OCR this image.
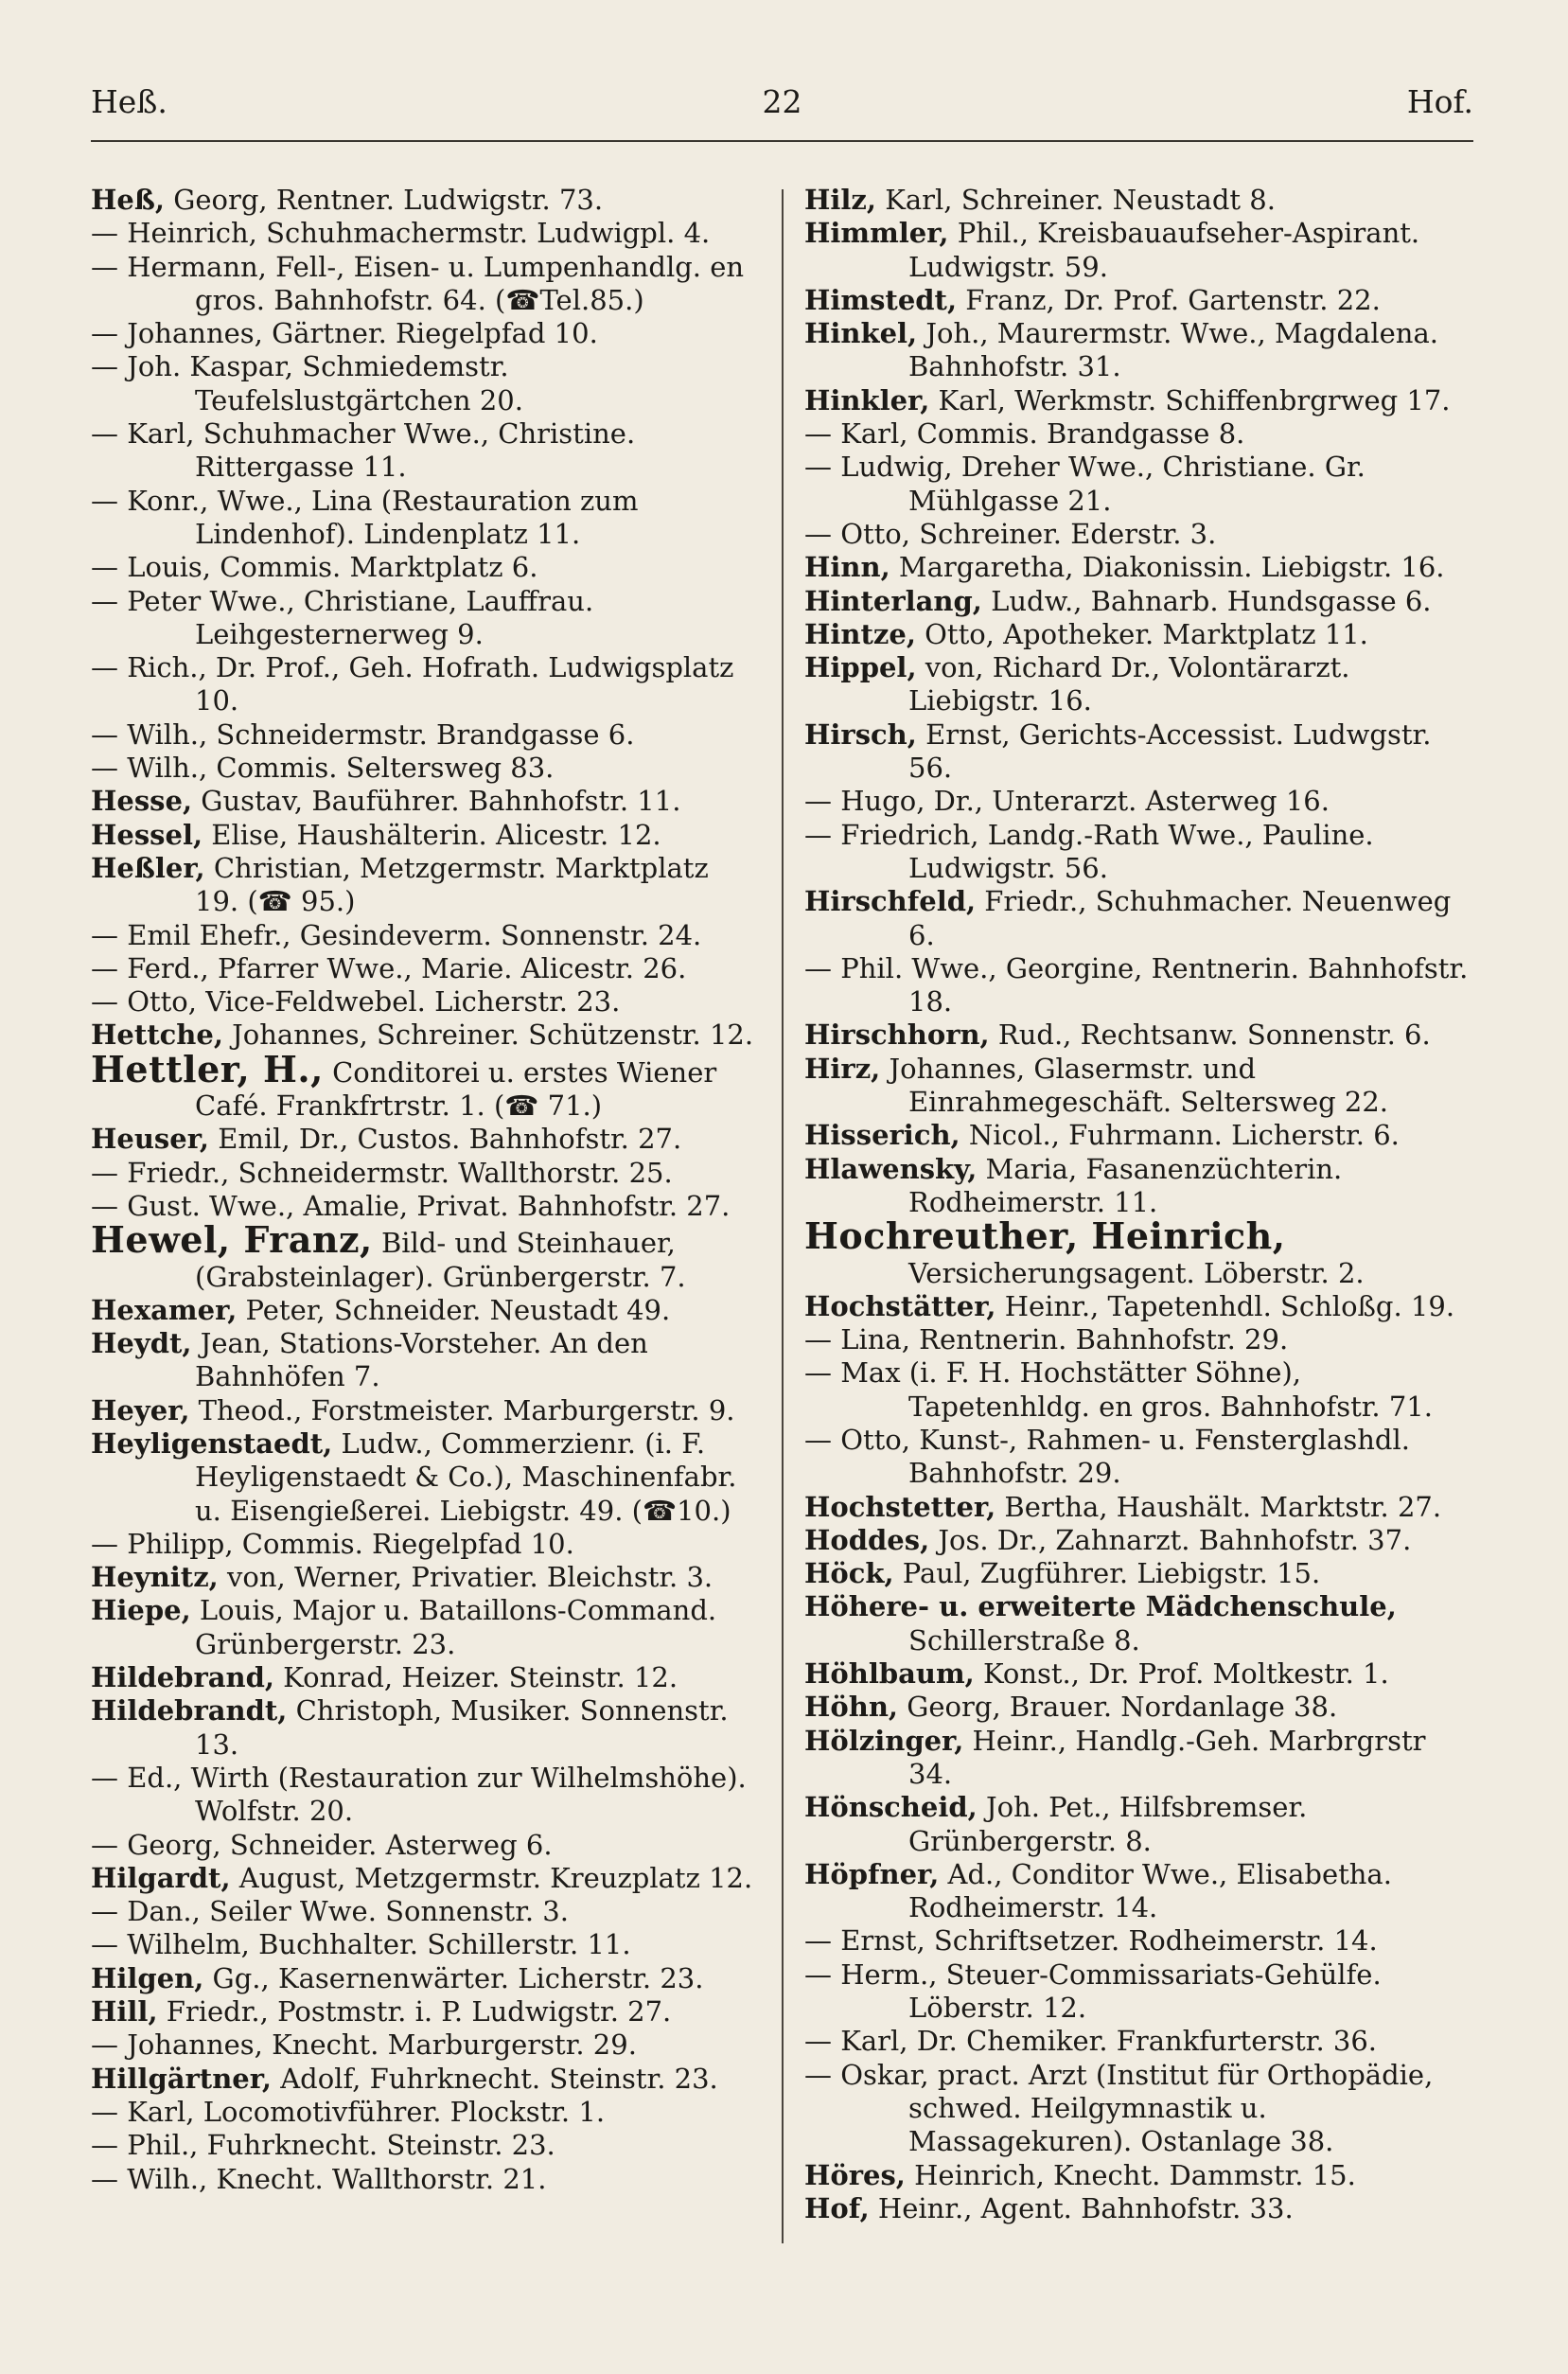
Heß.	22	Hof.

Heß, Georg, Rentner. Ludwigstr. 73.

— Heinrich, Schuhmachermstr. Ludwigpl. 4.

— Hermann, Fell-, Eisen- u. Lumpenhandlg. en gros. Bahnhofstr. 64. (☎Tel.85.)

— Johannes, Gärtner. Riegelpfad 10.

— Joh. Kaspar, Schmiedemstr. Teufelslustgärtchen 20.

— Karl, Schuhmacher Wwe., Christine. Rittergasse 11.

— Konr., Wwe., Lina (Restauration zum Lindenhof). Lindenplatz 11.

— Louis, Commis. Marktplatz 6.

— Peter Wwe., Christiane, Lauffrau. Leihgesternerweg 9.

— Rich., Dr. Prof., Geh. Hofrath. Ludwigsplatz 10.

— Wilh., Schneidermstr. Brandgasse 6.

— Wilh., Commis. Seltersweg 83.

Hesse, Gustav, Bauführer. Bahnhofstr. 11.

Hessel, Elise, Haushälterin. Alicestr. 12.

Heßler, Christian, Metzgermstr. Marktplatz 19. (☎ 95.)

— Emil Ehefr., Gesindeverm. Sonnenstr. 24.

— Ferd., Pfarrer Wwe., Marie. Alicestr. 26.

— Otto, Vice-Feldwebel. Licherstr. 23.

Hettche, Johannes, Schreiner. Schützenstr. 12.

Hettler, H., Conditorei u. erstes Wiener Café. Frankfrtrstr. 1. (☎ 71.)

Heuser, Emil, Dr., Custos. Bahnhofstr. 27.

— Friedr., Schneidermstr. Wallthorstr. 25.

— Gust. Wwe., Amalie, Privat. Bahnhofstr. 27.

Hewel, Franz, Bild- und Steinhauer, (Grabsteinlager). Grünbergerstr. 7.

Hexamer, Peter, Schneider. Neustadt 49.

Heydt, Jean, Stations-Vorsteher. An den Bahnhöfen 7.

Heyer, Theod., Forstmeister. Marburgerstr. 9.

Heyligenstaedt, Ludw., Commerzienr. (i. F. Heyligenstaedt & Co.), Maschinenfabr. u. Eisengießerei. Liebigstr. 49. (☎10.)

— Philipp, Commis. Riegelpfad 10.

Heynitz, von, Werner, Privatier. Bleichstr. 3.

Hiepe, Louis, Major u. Bataillons-Command. Grünbergerstr. 23.

Hildebrand, Konrad, Heizer. Steinstr. 12.

Hildebrandt, Christoph, Musiker. Sonnenstr. 13.

— Ed., Wirth (Restauration zur Wilhelmshöhe). Wolfstr. 20.

— Georg, Schneider. Asterweg 6.

Hilgardt, August, Metzgermstr. Kreuzplatz 12.

— Dan., Seiler Wwe. Sonnenstr. 3.

— Wilhelm, Buchhalter. Schillerstr. 11.

Hilgen, Gg., Kasernenwärter. Licherstr. 23.

Hill, Friedr., Postmstr. i. P. Ludwigstr. 27.

— Johannes, Knecht. Marburgerstr. 29.

Hillgärtner, Adolf, Fuhrknecht. Steinstr. 23.

— Karl, Locomotivführer. Plockstr. 1.

— Phil., Fuhrknecht. Steinstr. 23.

— Wilh., Knecht. Wallthorstr. 21.

Hilz, Karl, Schreiner. Neustadt 8.

Himmler, Phil., Kreisbauaufseher-Aspirant. Ludwigstr. 59.

Himstedt, Franz, Dr. Prof. Gartenstr. 22.

Hinkel, Joh., Maurermstr. Wwe., Magdalena. Bahnhofstr. 31.

Hinkler, Karl, Werkmstr. Schiffenbrgrweg 17.

— Karl, Commis. Brandgasse 8.

— Ludwig, Dreher Wwe., Christiane. Gr. Mühlgasse 21.

— Otto, Schreiner. Ederstr. 3.

Hinn, Margaretha, Diakonissin. Liebigstr. 16.

Hinterlang, Ludw., Bahnarb. Hundsgasse 6.

Hintze, Otto, Apotheker. Marktplatz 11.

Hippel, von, Richard Dr., Volontärarzt. Liebigstr. 16.

Hirsch, Ernst, Gerichts-Accessist. Ludwgstr. 56.

— Hugo, Dr., Unterarzt. Asterweg 16.

— Friedrich, Landg.-Rath Wwe., Pauline. Ludwigstr. 56.

Hirschfeld, Friedr., Schuhmacher. Neuenweg 6.

— Phil. Wwe., Georgine, Rentnerin. Bahnhofstr. 18.

Hirschhorn, Rud., Rechtsanw. Sonnenstr. 6.

Hirz, Johannes, Glasermstr. und Einrahmegeschäft. Seltersweg 22.

Hisserich, Nicol., Fuhrmann. Licherstr. 6.

Hlawensky, Maria, Fasanenzüchterin. Rodheimerstr. 11.

Hochreuther, Heinrich, Versicherungsagent. Löberstr. 2.

Hochstätter, Heinr., Tapetenhdl. Schloßg. 19.

— Lina, Rentnerin. Bahnhofstr. 29.

— Max (i. F. H. Hochstätter Söhne), Tapetenhldg. en gros. Bahnhofstr. 71.

— Otto, Kunst-, Rahmen- u. Fensterglashdl. Bahnhofstr. 29.

Hochstetter, Bertha, Haushält. Marktstr. 27.

Hoddes, Jos. Dr., Zahnarzt. Bahnhofstr. 37.

Höck, Paul, Zugführer. Liebigstr. 15.

Höhere- u. erweiterte Mädchenschule, Schillerstraße 8.

Höhlbaum, Konst., Dr. Prof. Moltkestr. 1.

Höhn, Georg, Brauer. Nordanlage 38.

Hölzinger, Heinr., Handlg.-Geh. Marbrgrstr 34.

Hönscheid, Joh. Pet., Hilfsbremser. Grünbergerstr. 8.

Höpfner, Ad., Conditor Wwe., Elisabetha. Rodheimerstr. 14.

— Ernst, Schriftsetzer. Rodheimerstr. 14.

— Herm., Steuer-Commissariats-Gehülfe. Löberstr. 12.

— Karl, Dr. Chemiker. Frankfurterstr. 36.

— Oskar, pract. Arzt (Institut für Orthopädie, schwed. Heilgymnastik u. Massagekuren). Ostanlage 38.

Höres, Heinrich, Knecht. Dammstr. 15.

Hof, Heinr., Agent. Bahnhofstr. 33.
